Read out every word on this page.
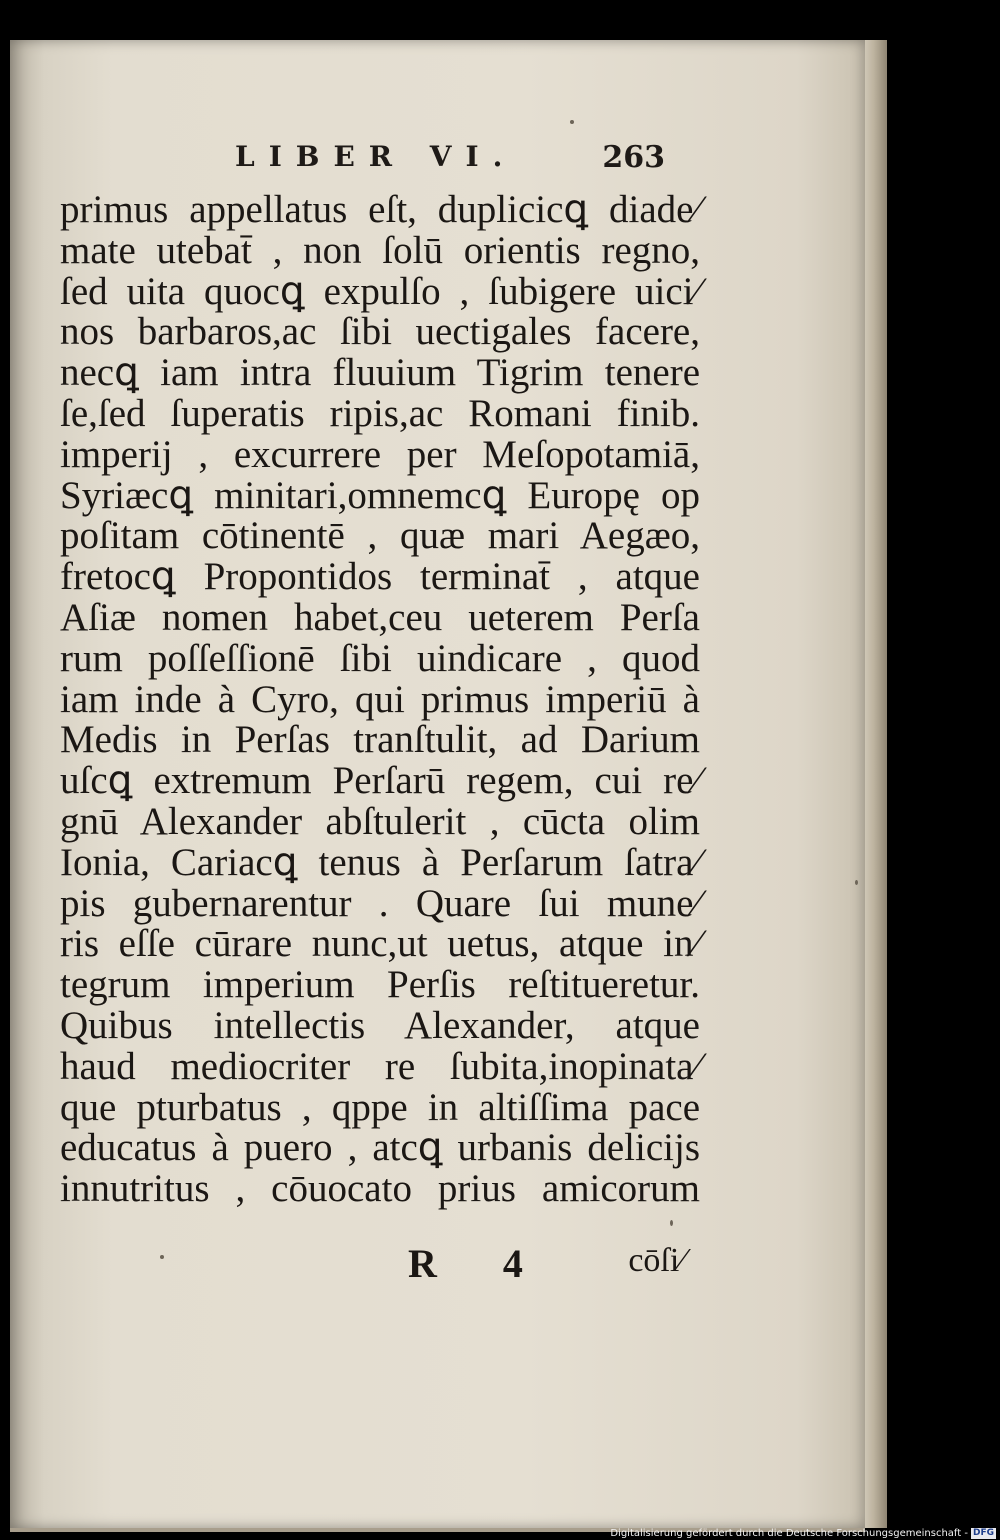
LIBER VI.	263
primus appellatus eſt, duplicicꝗ diade⁄
mate utebat̄ , non ſolū orientis regno,
ſed uita quocꝗ expulſo , ſubigere uici⁄
nos barbaros,ac ſibi uectigales facere,
necꝗ iam intra fluuium Tigrim tenere
ſe,ſed ſuperatis ripis,ac Romani finib.
imperij , excurrere per Meſopotamiā,
Syriæcꝗ minitari,omnemcꝗ Europę op
poſitam cōtinentē , quæ mari Aegæo,
fretocꝗ Propontidos terminat̄ , atque
Aſiæ nomen habet,ceu ueterem Perſa
rum poſſeſſionē ſibi uindicare , quod
iam inde à Cyro, qui primus imperiū à
Medis in Perſas tranſtulit, ad Darium
uſcꝗ extremum Perſarū regem, cui re⁄
gnū Alexander abſtulerit , cūcta olim
Ionia, Cariacꝗ tenus à Perſarum ſatra⁄
pis gubernarentur . Quare ſui mune⁄
ris eſſe cūrare nunc,ut uetus, atque in⁄
tegrum imperium Perſis reſtitueretur.
Quibus intellectis Alexander, atque
haud mediocriter re ſubita,inopinata⁄
que pturbatus , qppe in altiſſima pace
educatus à puero , atcꝗ urbanis delicijs
innutritus , cōuocato prius amicorum
R 4 cōſi⁄
Digitalisierung gefördert durch die Deutsche Forschungsgemeinschaft - DFG
